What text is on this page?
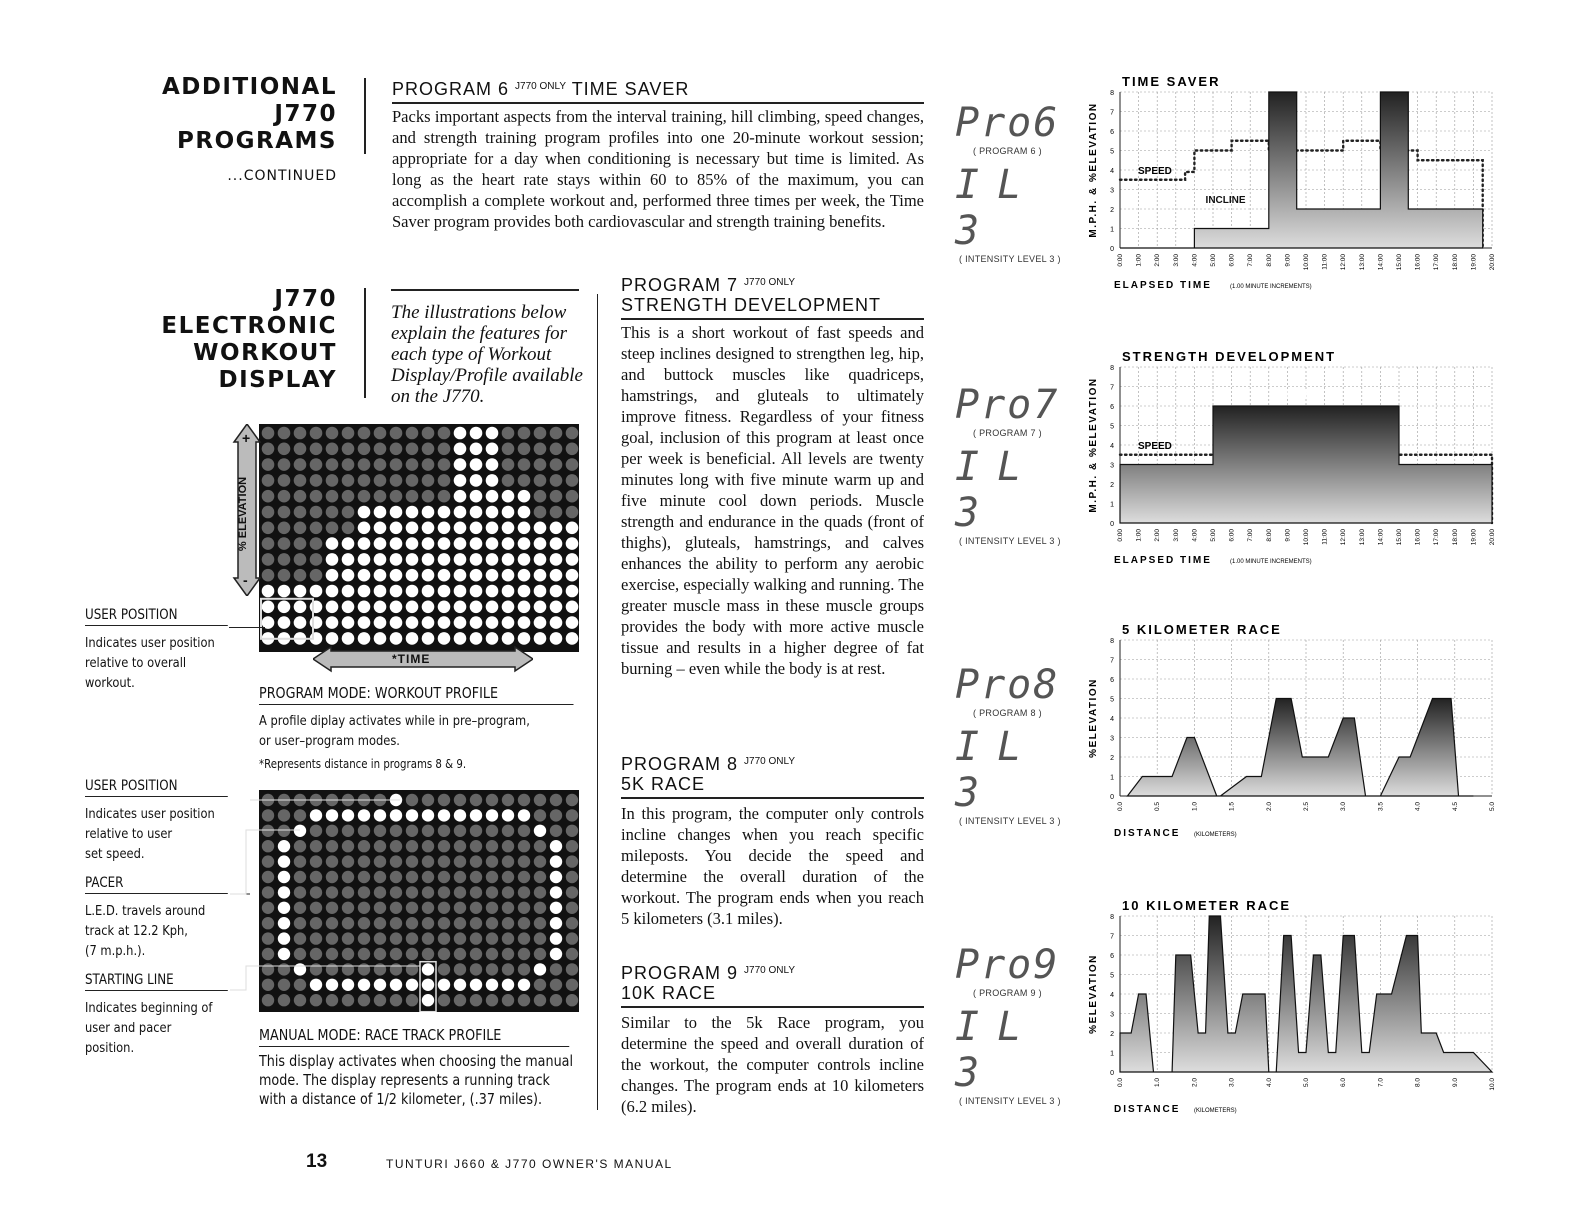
ADDITIONAL
J770
PROGRAMS
...CONTINUED
J770
ELECTRONIC
WORKOUT
DISPLAY
PROGRAM 6 $^{J770 ONLY}$ TIME SAVER
Packs important aspects from the interval training, hill climbing, speed changes, and strength training program profiles into one 20-minute workout session; appropriate for a day when conditioning is necessary but time is limited. As long as the heart rate stays within 60 to 85% of the maximum, you can accomplish a complete workout and, performed three times per week, the Time Saver program provides both cardiovascular and strength training benefits.
The illustrations below explain the features for each type of Workout Display/Profile available on the J770.
+
-
% ELEVATION
*TIME
USER POSITION
Indicates user position
relative to overall
workout.
PROGRAM MODE: WORKOUT PROFILE
A profile diplay activates while in pre–program,
or user–program modes.
*Represents distance in programs 8 & 9.
USER POSITION
Indicates user position
relative to user
set speed.
PACER
L.E.D. travels around
track at 12.2 Kph,
(7 m.p.h.).
STARTING LINE
Indicates beginning of
user and pacer
position.
MANUAL MODE: RACE TRACK PROFILE
This display activates when choosing the manual
mode. The display represents a running track
with a distance of 1/2 kilometer, (.37 miles).
PROGRAM 7 $^{J770 ONLY}$
STRENGTH DEVELOPMENT
This is a short workout of fast speeds and steep inclines designed to strengthen leg, hip, and buttock muscles like quadriceps, hamstrings, and gluteals to ultimately improve fitness. Regardless of your fitness goal, inclusion of this program at least once per week is beneficial. All levels are twenty minutes long with five minute warm up and five minute cool down periods. Muscle strength and endurance in the quads (front of thighs), gluteals, hamstrings, and calves enhances the ability to perform any aerobic exercise, especially walking and running. The greater muscle mass in these muscle groups provides the body with more active muscle tissue and results in a higher degree of fat burning – even while the body is at rest.
PROGRAM 8 $^{J770 ONLY}$
5K RACE
In this program, the computer only controls incline changes when you reach specific mileposts. You decide the speed and determine the overall duration of the workout. The program ends when you reach 5 kilometers (3.1 miles).
PROGRAM 9 $^{J770 ONLY}$
10K RACE
Similar to the 5k Race program, you determine the speed and overall duration of the workout, the computer controls incline changes. The program ends at 10 kilometers (6.2 miles).
Pro6
( PROGRAM 6 )
IL 3
( INTENSITY LEVEL 3 )
Pro7
( PROGRAM 7 )
IL 3
( INTENSITY LEVEL 3 )
Pro8
( PROGRAM 8 )
IL 3
( INTENSITY LEVEL 3 )
Pro9
( PROGRAM 9 )
IL 3
( INTENSITY LEVEL 3 )
TIME SAVER
0
1
2
3
4
5
6
7
8
0:00 1:00 2:00 3:00 4:00 5:00 6:00 7:00 8:00 9:00 10:00 11:00 12:00 13:00 14:00 15:00 16:00 17:00 18:00 19:00 20:00
M.P.H. & %ELEVATION
ELAPSED TIME	(1.00 MINUTE INCREMENTS)
SPEED
INCLINE
STRENGTH DEVELOPMENT
0
1
2
3
4
5
6
7
8
0:00 1:00 2:00 3:00 4:00 5:00 6:00 7:00 8:00 9:00 10:00 11:00 12:00 13:00 14:00 15:00 16:00 17:00 18:00 19:00 20:00
M.P.H. & %ELEVATION
ELAPSED TIME	(1.00 MINUTE INCREMENTS)
SPEED
INCLINE
5 KILOMETER RACE
0
1
2
3
4
5
6
7
8
0.0	0.5	1.0	1.5	2.0	2.5	3.0	3.5	4.0	4.5	5.0
%ELEVATION
DISTANCE (KILOMETERS)
10 KILOMETER RACE
0
1
2
3
4
5
6
7
8
0.0	1.0	2.0	3.0	4.0	5.0	6.0	7.0	8.0	9.0	10.0
%ELEVATION
DISTANCE (KILOMETERS)
13	TUNTURI J660 & J770 OWNER'S MANUAL
